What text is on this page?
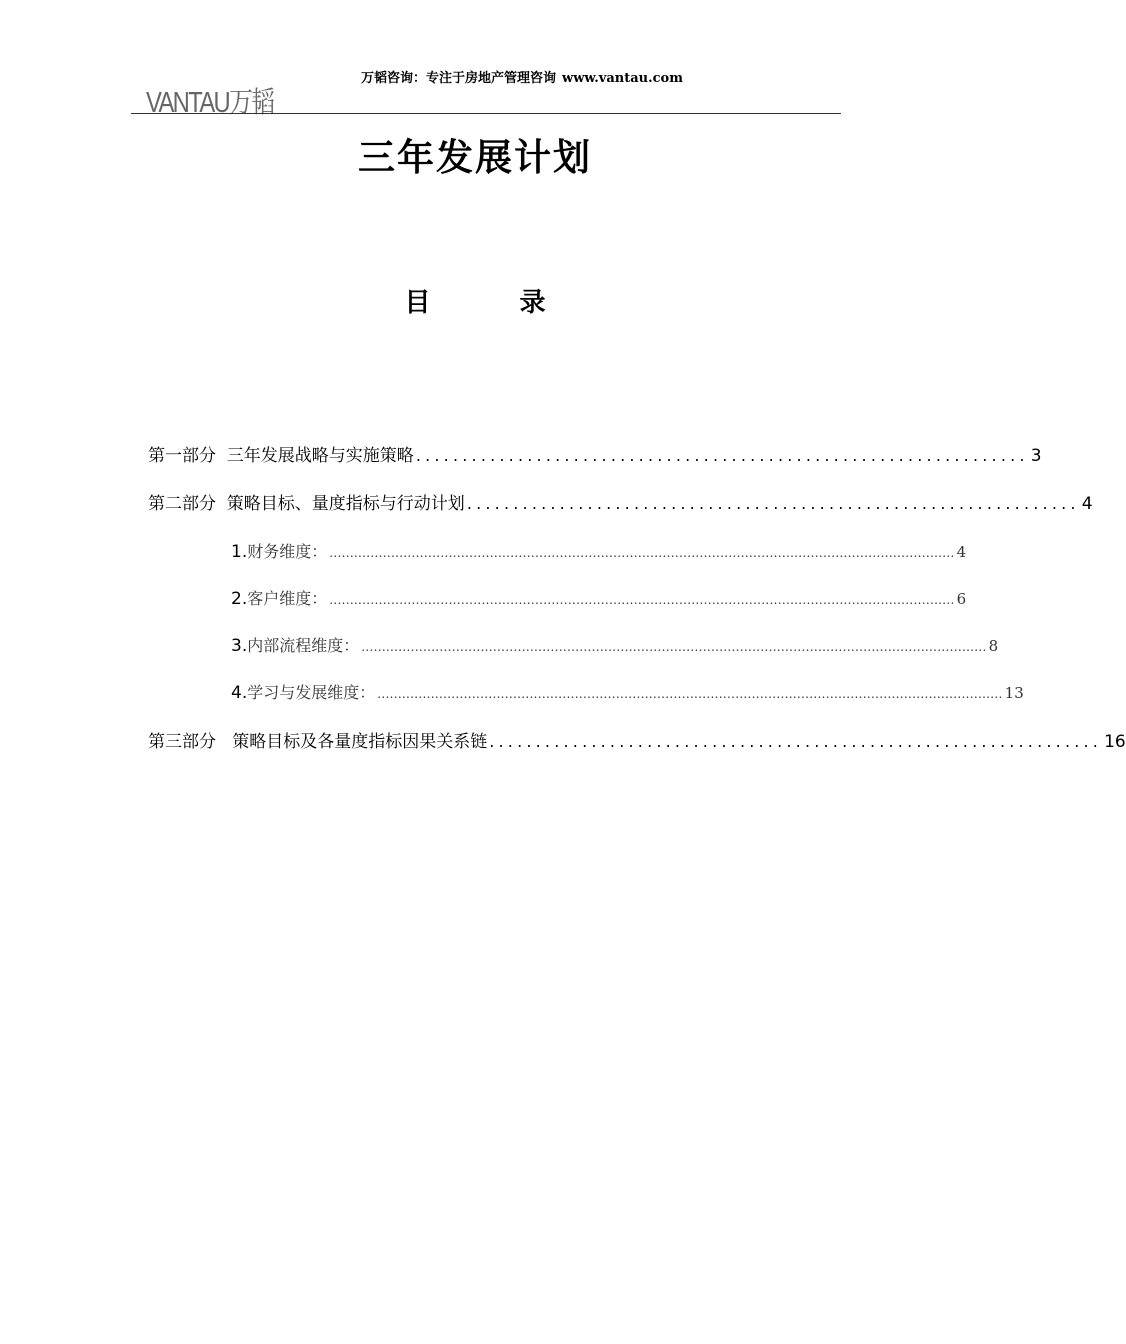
VANTAU万韬
万韬咨询：专注于房地产管理咨询 www.vantau.com
三年发展计划
目 录
第一部分  三年发展战略与实施策略 .................................................................. 3
第二部分  策略目标、量度指标与行动计划 .................................................................. 4
1. 财务维度： ........................................................................................................................................................ 4
2. 客户维度： ........................................................................................................................................................ 6
3. 内部流程维度： ........................................................................................................................................................ 8
4. 学习与发展维度： ........................................................................................................................................................ 13
第三部分   策略目标及各量度指标因果关系链 .................................................................. 16
